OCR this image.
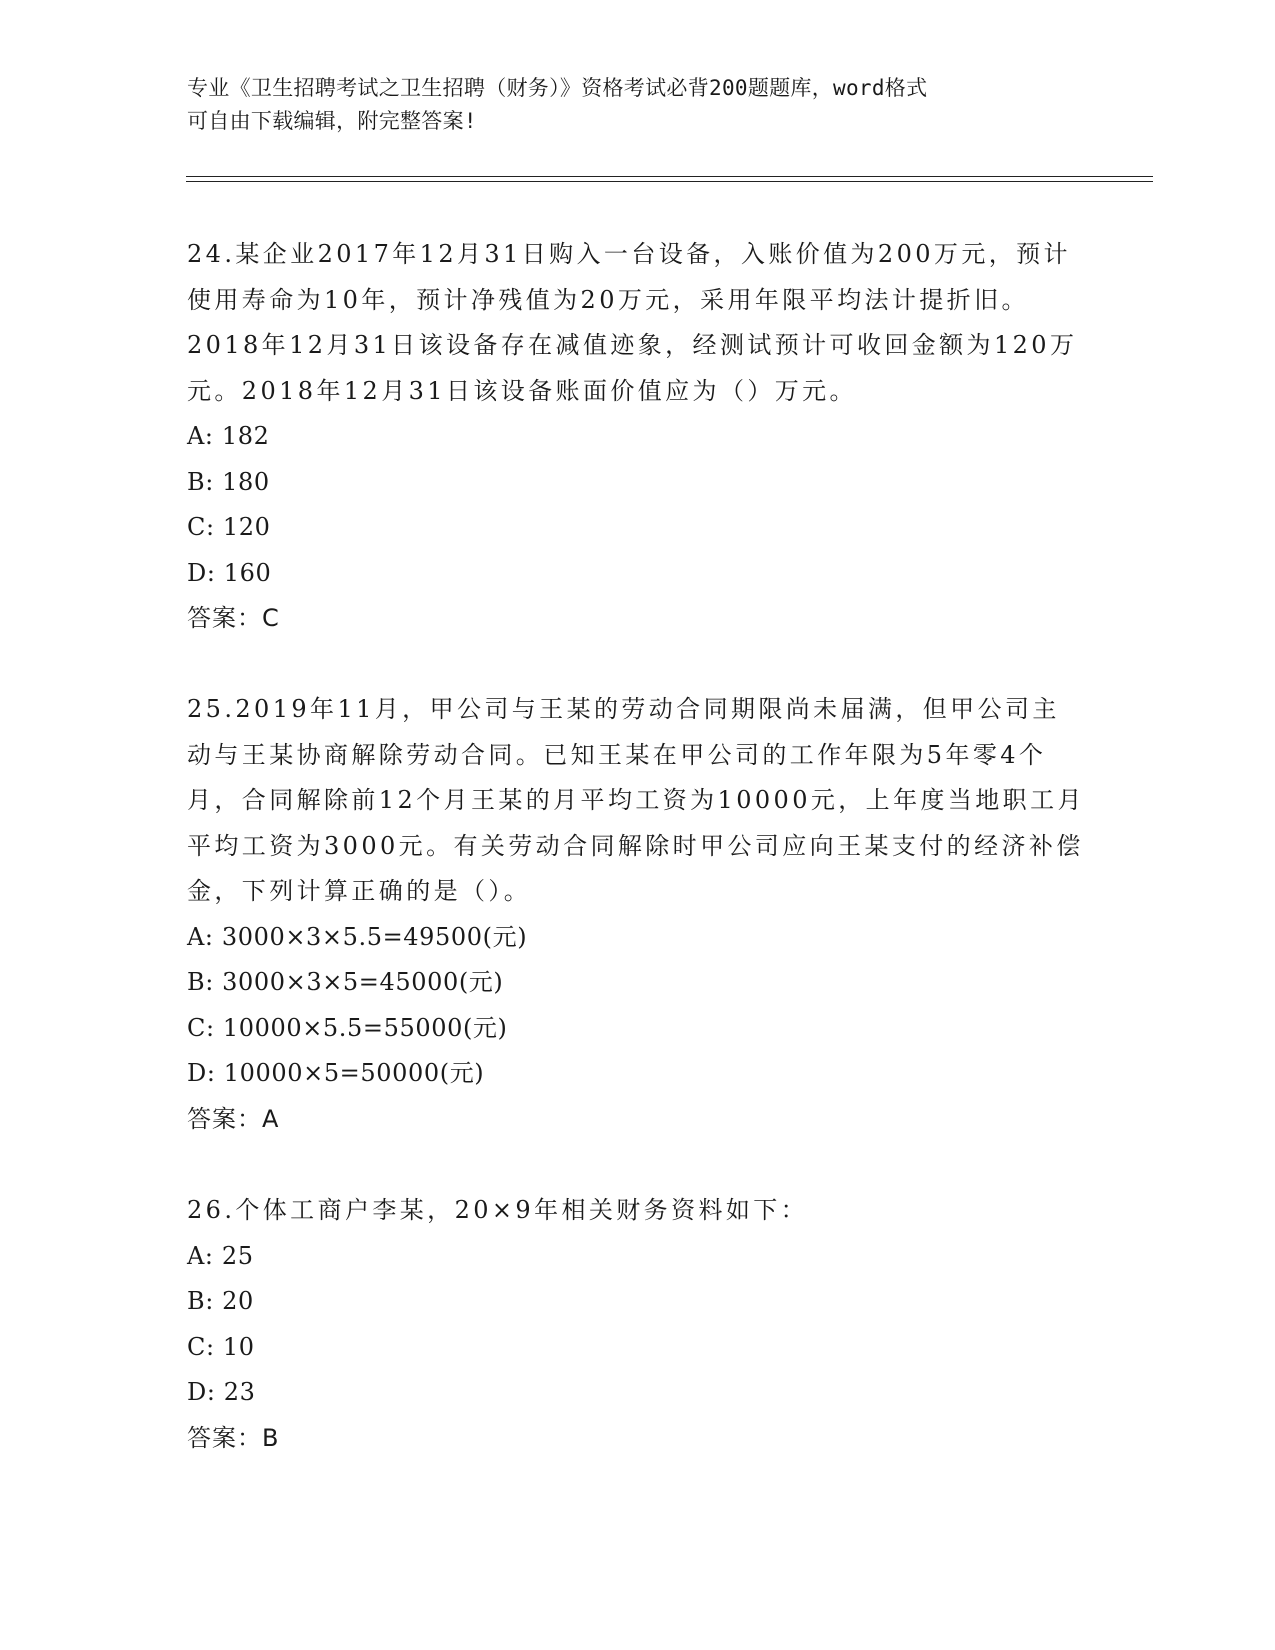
专业《卫生招聘考试之卫生招聘（财务）》资格考试必背200题题库，word格式
可自由下载编辑，附完整答案!

24.某企业2017年12月31日购入一台设备，入账价值为200万元，预计使用寿命为10年，预计净残值为20万元，采用年限平均法计提折旧。2018年12月31日该设备存在减值迹象，经测试预计可收回金额为120万元。2018年12月31日该设备账面价值应为（）万元。

A: 182

B: 180

C: 120

D: 160

答案：C

25.2019年11月，甲公司与王某的劳动合同期限尚未届满，但甲公司主动与王某协商解除劳动合同。已知王某在甲公司的工作年限为5年零4个月，合同解除前12个月王某的月平均工资为10000元，上年度当地职工月平均工资为3000元。有关劳动合同解除时甲公司应向王某支付的经济补偿金，下列计算正确的是（）。

A: 3000×3×5.5=49500(元)

B: 3000×3×5=45000(元)

C: 10000×5.5=55000(元)

D: 10000×5=50000(元)

答案：A

26.个体工商户李某，20×9年相关财务资料如下：

A: 25

B: 20

C: 10

D: 23

答案：B
